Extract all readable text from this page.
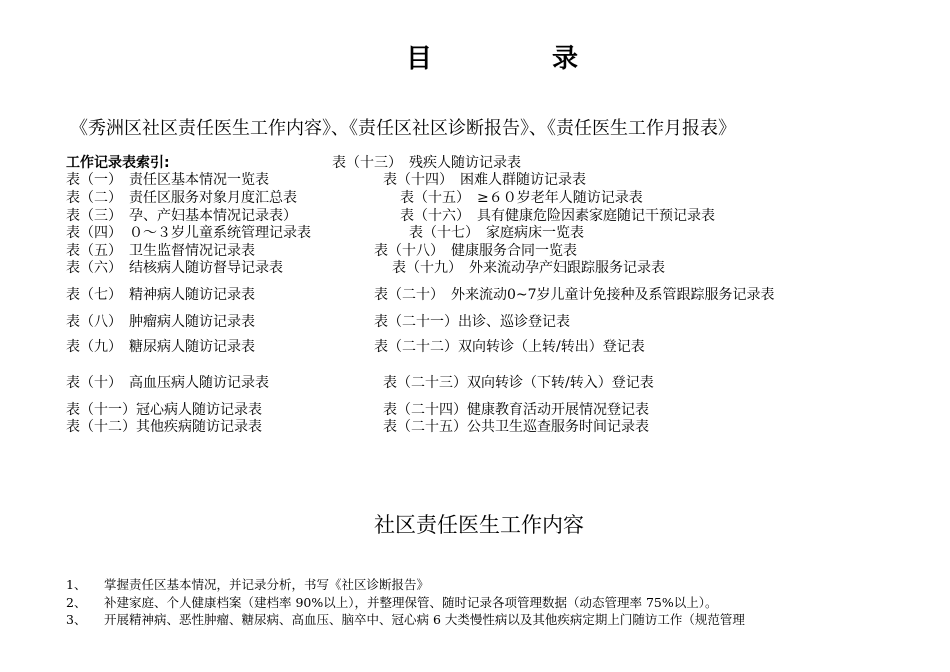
目	录
《秀洲区社区责任医生工作内容》、《责任区社区诊断报告》、《责任医生工作月报表》
工作记录表索引:
表（一）　责任区基本情况一览表
表（二）　责任区服务对象月度汇总表
表（三）　孕、产妇基本情况记录表）
表（四）　０～３岁儿童系统管理记录表
表（五）　卫生监督情况记录表
表（六）　结核病人随访督导记录表
表（七）　精神病人随访记录表
表（八）　肿瘤病人随访记录表
表（九）　糖尿病人随访记录表
表（十）　高血压病人随访记录表
表（十一）冠心病人随访记录表
表（十二）其他疾病随访记录表
表（十三）　残疾人随访记录表
表（十四）　困难人群随访记录表
表（十五）　≥６０岁老年人随访记录表
表（十六）　具有健康危险因素家庭随记干预记录表
表（十七）　家庭病床一览表
表（十八）　健康服务合同一览表
表（十九）　外来流动孕产妇跟踪服务记录表
表（二十）　外来流动0~7岁儿童计免接种及系管跟踪服务记录表
表（二十一）出诊、巡诊登记表
表（二十二）双向转诊（上转/转出）登记表
表（二十三）双向转诊（下转/转入）登记表
表（二十四）健康教育活动开展情况登记表
表（二十五）公共卫生巡查服务时间记录表
社区责任医生工作内容
1、 掌握责任区基本情况，并记录分析，书写《社区诊断报告》
2、 补建家庭、个人健康档案（建档率 90%以上），并整理保管、随时记录各项管理数据（动态管理率 75%以上）。
3、 开展精神病、恶性肿瘤、糖尿病、高血压、脑卒中、冠心病 6 大类慢性病以及其他疾病定期上门随访工作（规范管理
